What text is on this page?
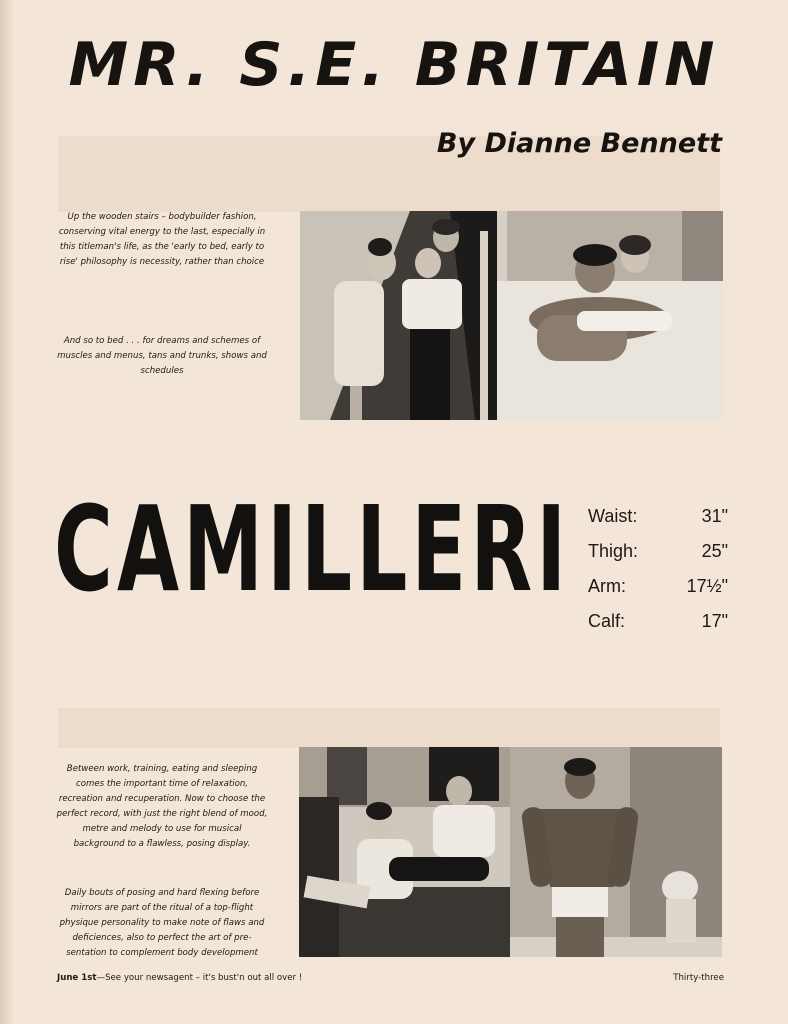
MR. S.E. BRITAIN
By Dianne Bennett
Up the wooden stairs – bodybuilder fashion, conserving vital energy to the last, especially in this titleman's life, as the 'early to bed, early to rise' philosophy is necessity, rather than choice
And so to bed . . . for dreams and schemes of muscles and menus, tans and trunks, shows and schedules
CAMILLERI Waist:	31"
Thigh:	25"
Arm:	17½"
Calf:	17"
Between work, training, eating and sleeping comes the important time of relaxation, recreation and recuperation. Now to choose the perfect record, with just the right blend of mood, metre and melody to use for musical background to a flawless, posing display.
Daily bouts of posing and hard flexing before mirrors are part of the ritual of a top-flight physique personality to make note of flaws and deficiences, also to perfect the art of pre-sentation to complement body development
June 1st—See your newsagent – it's bust'n out all over !	Thirty-three
